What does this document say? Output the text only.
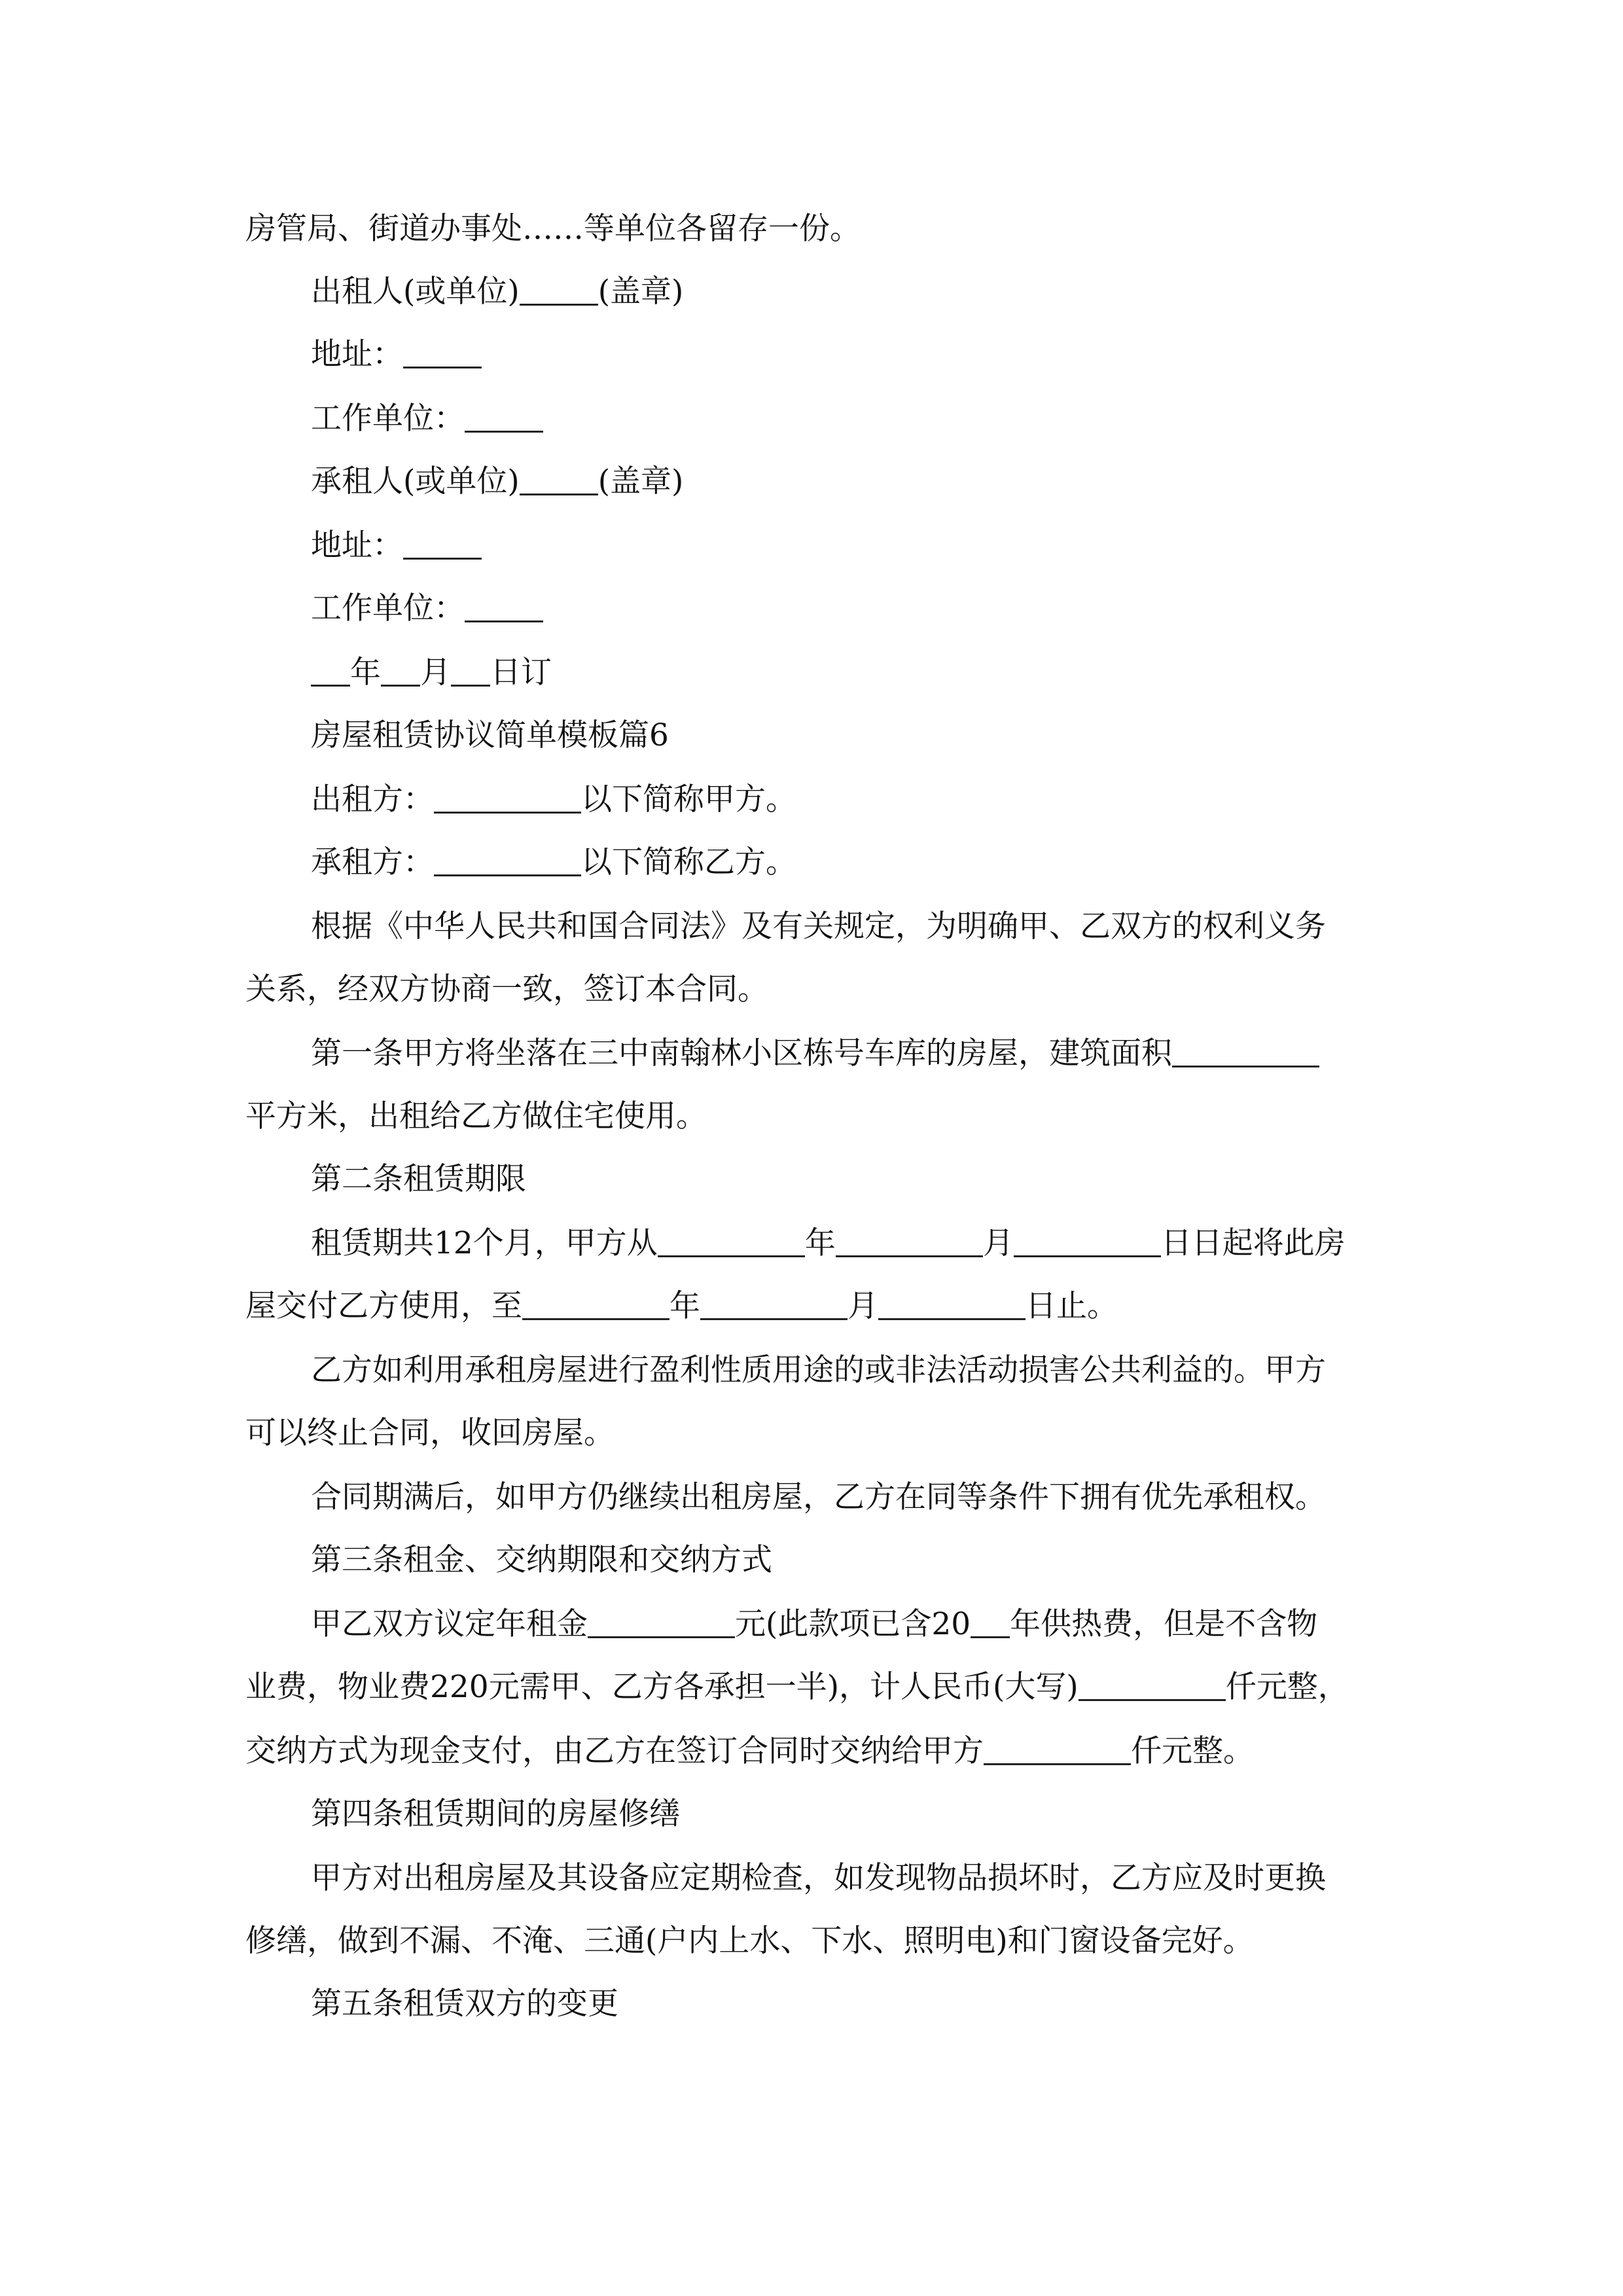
房管局、街道办事处……等单位各留存一份。
出租人(或单位)	(盖章)
地址：
工作单位：
承租人(或单位)	(盖章)
地址：
工作单位：
年 月 日订
房屋租赁协议简单模板篇6
出租方：	以下简称甲方。
承租方：	以下简称乙方。
根据《中华人民共和国合同法》及有关规定，为明确甲、乙双方的权利义务
关系，经双方协商一致，签订本合同。
第一条甲方将坐落在三中南翰林小区栋号车库的房屋，建筑面积
平方米，出租给乙方做住宅使用。
第二条租赁期限
租赁期共12个月，甲方从	年	月	日日起将此房
屋交付乙方使用，至	年	月	日止。
乙方如利用承租房屋进行盈利性质用途的或非法活动损害公共利益的。甲方
可以终止合同，收回房屋。
合同期满后，如甲方仍继续出租房屋，乙方在同等条件下拥有优先承租权。
第三条租金、交纳期限和交纳方式
甲乙双方议定年租金	元(此款项已含20 年供热费，但是不含物
业费，物业费220元需甲、乙方各承担一半)，计人民币(大写)	仟元整，
交纳方式为现金支付，由乙方在签订合同时交纳给甲方	仟元整。
第四条租赁期间的房屋修缮
甲方对出租房屋及其设备应定期检查，如发现物品损坏时，乙方应及时更换
修缮，做到不漏、不淹、三通(户内上水、下水、照明电)和门窗设备完好。
第五条租赁双方的变更
